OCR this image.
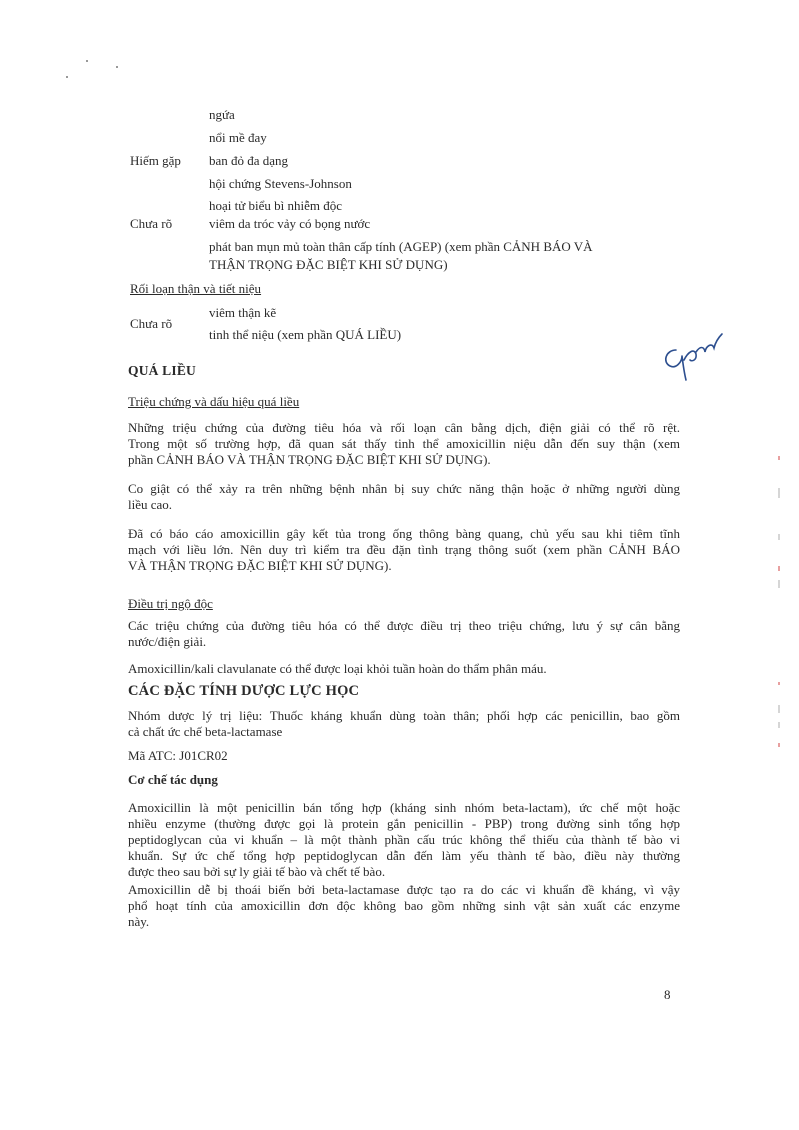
ngứa
nổi mề đay
Hiếm gặp ban đỏ đa dạng
hội chứng Stevens-Johnson
hoại tử biểu bì nhiễm độc
Chưa rõ	viêm da tróc vảy có bọng nước
phát ban mụn mủ toàn thân cấp tính (AGEP) (xem phần CẢNH BÁO VÀ
THẬN TRỌNG ĐẶC BIỆT KHI SỬ DỤNG)
Rối loạn thận và tiết niệu
viêm thận kẽ
Chưa rõ
tinh thể niệu (xem phần QUÁ LIỀU)
QUÁ LIỀU
Triệu chứng và dấu hiệu quá liều
Những triệu chứng của đường tiêu hóa và rối loạn cân bằng dịch, điện giải có thể rõ rệt.
Trong một số trường hợp, đã quan sát thấy tinh thể amoxicillin niệu dẫn đến suy thận (xem
phần CẢNH BÁO VÀ THẬN TRỌNG ĐẶC BIỆT KHI SỬ DỤNG).
Co giật có thể xảy ra trên những bệnh nhân bị suy chức năng thận hoặc ở những người dùng
liều cao.
Đã có báo cáo amoxicillin gây kết tủa trong ống thông bàng quang, chủ yếu sau khi tiêm tĩnh
mạch với liều lớn. Nên duy trì kiểm tra đều đặn tình trạng thông suốt (xem phần CẢNH BÁO
VÀ THẬN TRỌNG ĐẶC BIỆT KHI SỬ DỤNG).
Điều trị ngộ độc
Các triệu chứng của đường tiêu hóa có thể được điều trị theo triệu chứng, lưu ý sự cân bằng
nước/điện giải.
Amoxicillin/kali clavulanate có thể được loại khỏi tuần hoàn do thẩm phân máu.
CÁC ĐẶC TÍNH DƯỢC LỰC HỌC
Nhóm dược lý trị liệu: Thuốc kháng khuẩn dùng toàn thân; phối hợp các penicillin, bao gồm
cả chất ức chế beta-lactamase
Mã ATC: J01CR02
Cơ chế tác dụng
Amoxicillin là một penicillin bán tổng hợp (kháng sinh nhóm beta-lactam), ức chế một hoặc
nhiều enzyme (thường được gọi là protein gắn penicillin - PBP) trong đường sinh tổng hợp
peptidoglycan của vi khuẩn – là một thành phần cấu trúc không thể thiếu của thành tế bào vi
khuẩn. Sự ức chế tổng hợp peptidoglycan dẫn đến làm yếu thành tế bào, điều này thường
được theo sau bởi sự ly giải tế bào và chết tế bào.
Amoxicillin dễ bị thoái biến bởi beta-lactamase được tạo ra do các vi khuẩn đề kháng, vì vậy
phổ hoạt tính của amoxicillin đơn độc không bao gồm những sinh vật sản xuất các enzyme
này.
8
